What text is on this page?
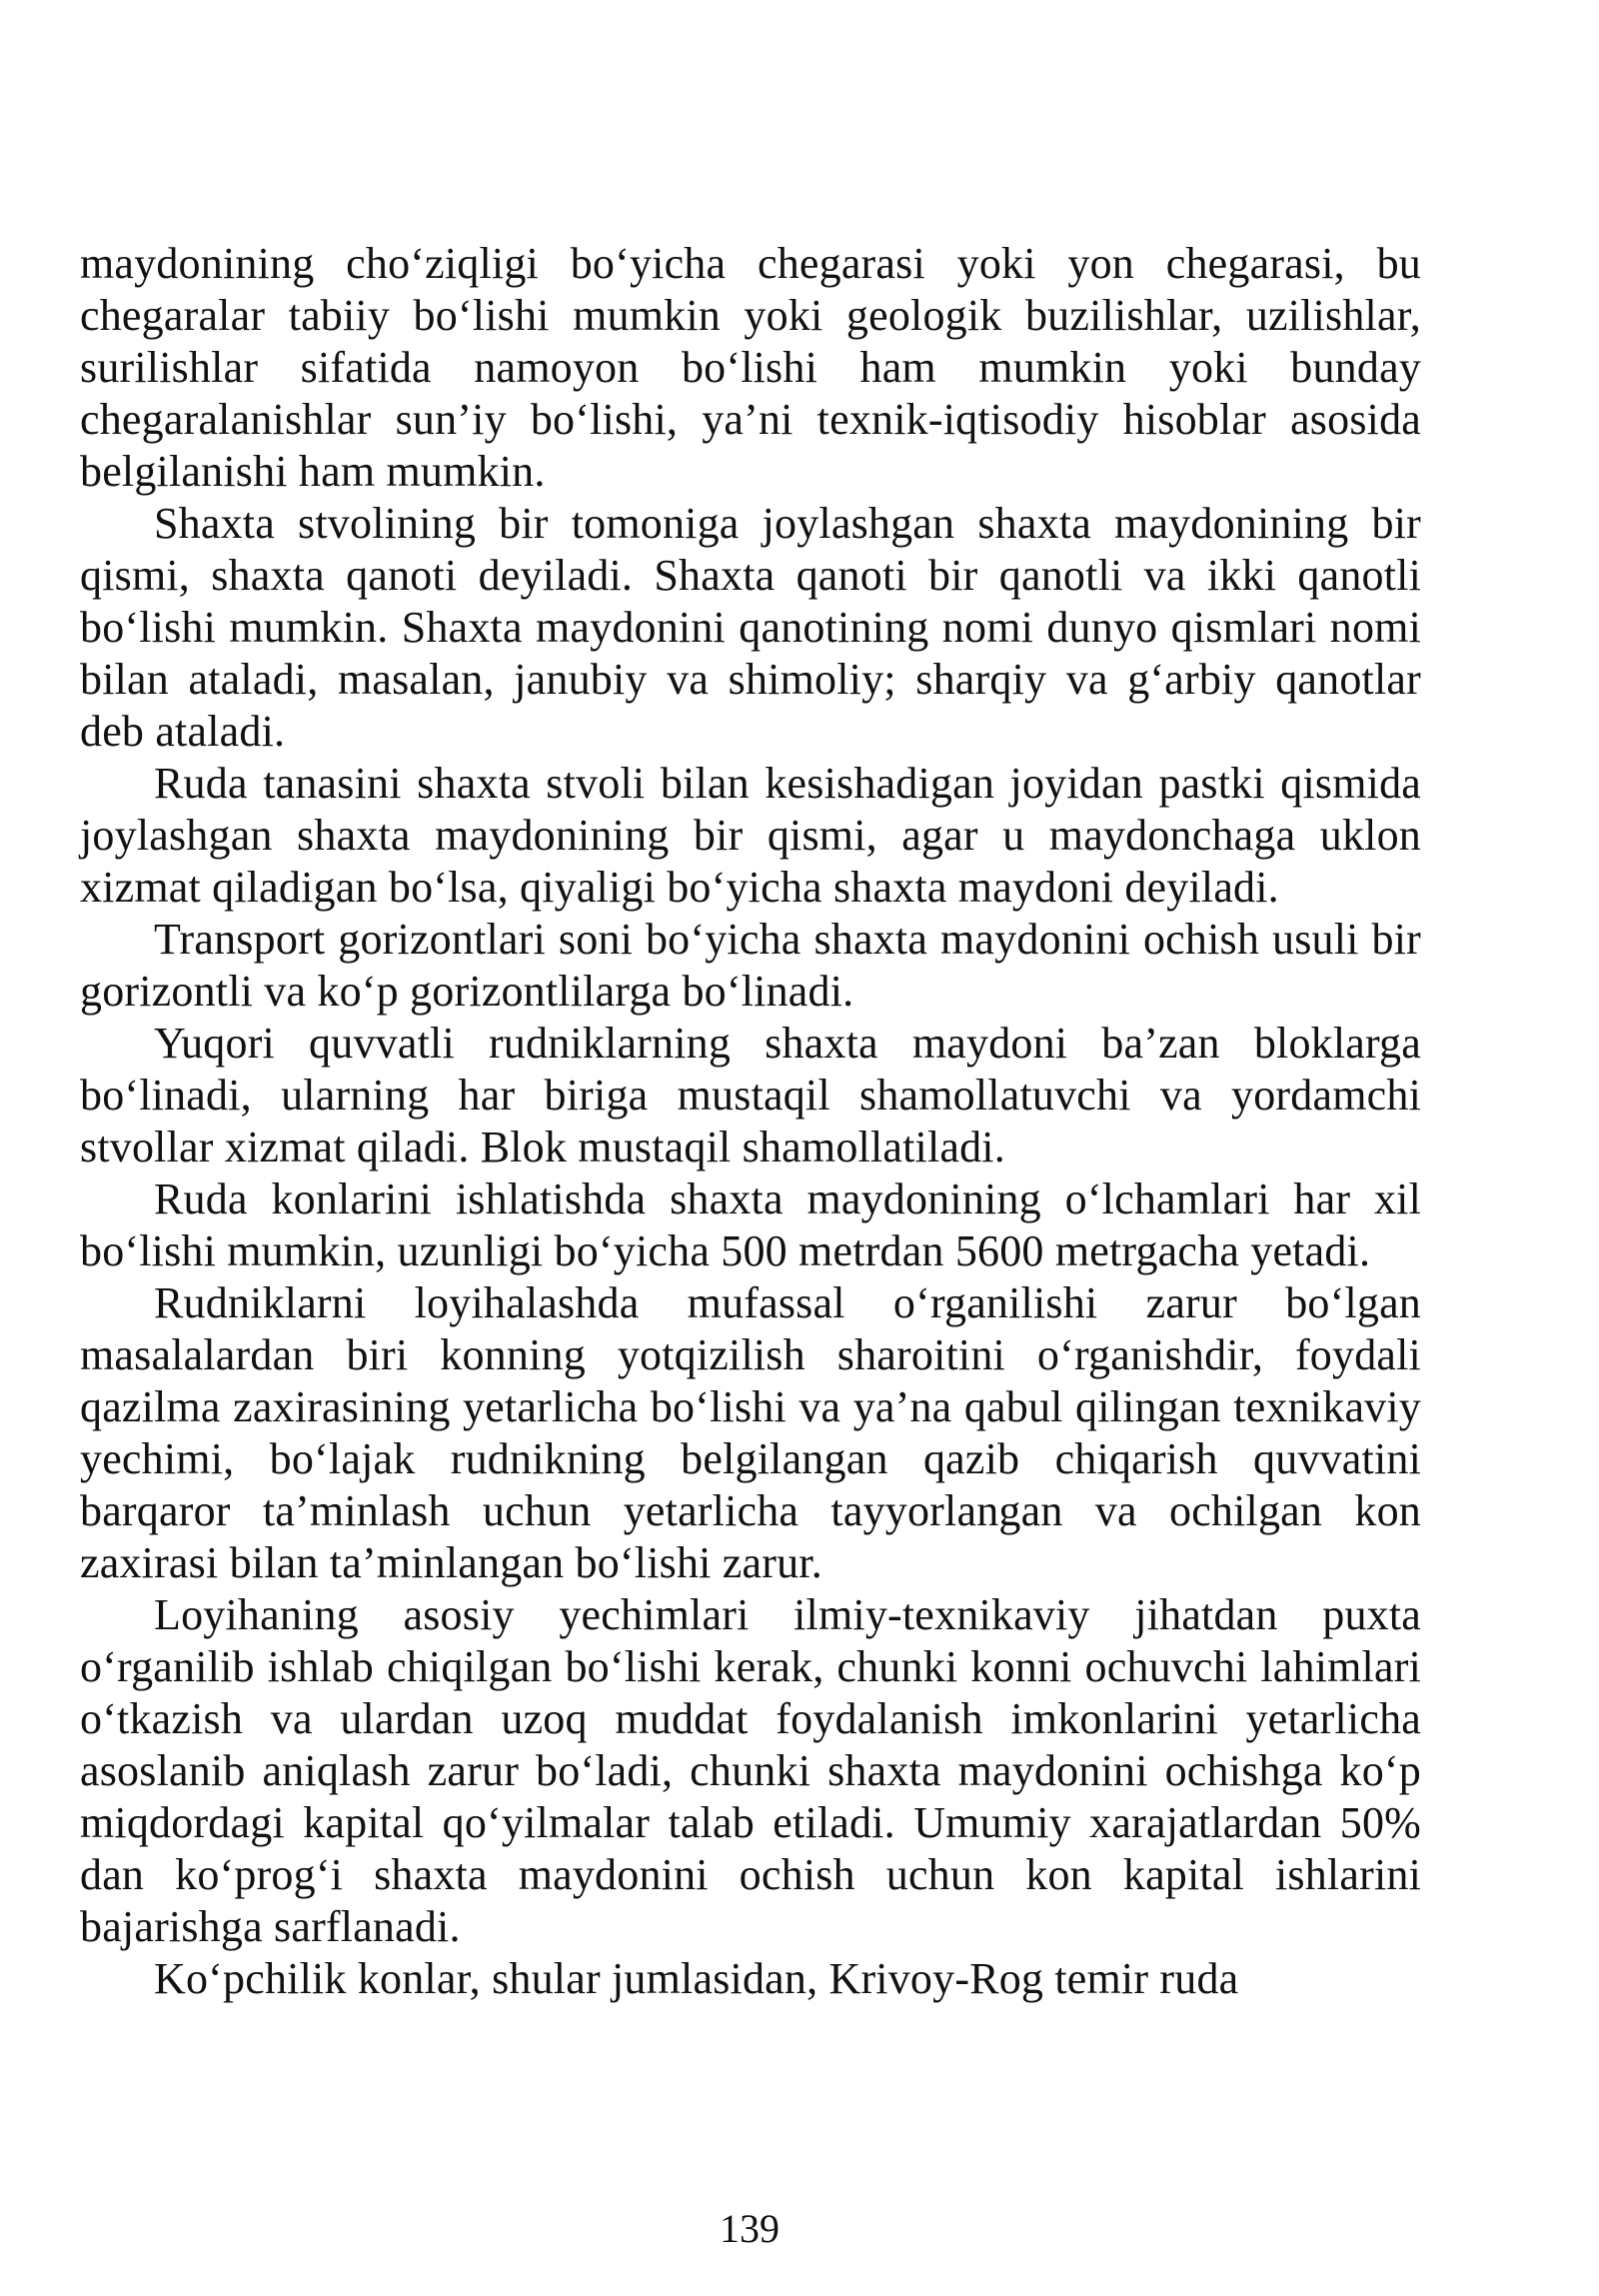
maydonining cho‘ziqligi bo‘yicha chegarasi yoki yon chegarasi, bu chegaralar tabiiy bo‘lishi mumkin yoki geologik buzilishlar, uzilishlar, surilishlar sifatida namoyon bo‘lishi ham mumkin yoki bunday chegaralanishlar sun’iy bo‘lishi, ya’ni texnik-iqtisodiy hisoblar asosida belgilanishi ham mumkin.

Shaxta stvolining bir tomoniga joylashgan shaxta maydonining bir qismi, shaxta qanoti deyiladi. Shaxta qanoti bir qanotli va ikki qanotli bo‘lishi mumkin. Shaxta maydonini qanotining nomi dunyo qismlari nomi bilan ataladi, masalan, janubiy va shimoliy; sharqiy va g‘arbiy qanotlar deb ataladi.

Ruda tanasini shaxta stvoli bilan kesishadigan joyidan pastki qismida joylashgan shaxta maydonining bir qismi, agar u maydonchaga uklon xizmat qiladigan bo‘lsa, qiyaligi bo‘yicha shaxta maydoni deyiladi.

Transport gorizontlari soni bo‘yicha shaxta maydonini ochish usuli bir gorizontli va ko‘p gorizontlilarga bo‘linadi.

Yuqori quvvatli rudniklarning shaxta maydoni ba’zan bloklarga bo‘linadi, ularning har biriga mustaqil shamollatuvchi va yordamchi stvollar xizmat qiladi. Blok mustaqil shamollatiladi.

Ruda konlarini ishlatishda shaxta maydonining o‘lchamlari har xil bo‘lishi mumkin, uzunligi bo‘yicha 500 metrdan 5600 metrgacha yetadi.

Rudniklarni loyihalashda mufassal o‘rganilishi zarur bo‘lgan masalalardan biri konning yotqizilish sharoitini o‘rganishdir, foydali qazilma zaxirasining yetarlicha bo‘lishi va ya’na qabul qilingan texnikaviy yechimi, bo‘lajak rudnikning belgilangan qazib chiqarish quvvatini barqaror ta’minlash uchun yetarlicha tayyorlangan va ochilgan kon zaxirasi bilan ta’minlangan bo‘lishi zarur.

Loyihaning asosiy yechimlari ilmiy-texnikaviy jihatdan puxta o‘rganilib ishlab chiqilgan bo‘lishi kerak, chunki konni ochuvchi lahimlari o‘tkazish va ulardan uzoq muddat foydalanish imkonlarini yetarlicha asoslanib aniqlash zarur bo‘ladi, chunki shaxta maydonini ochishga ko‘p miqdordagi kapital qo‘yilmalar talab etiladi. Umumiy xarajatlardan 50% dan ko‘prog‘i shaxta maydonini ochish uchun kon kapital ishlarini bajarishga sarflanadi.

Ko‘pchilik konlar, shular jumlasidan, Krivoy-Rog temir ruda

139
